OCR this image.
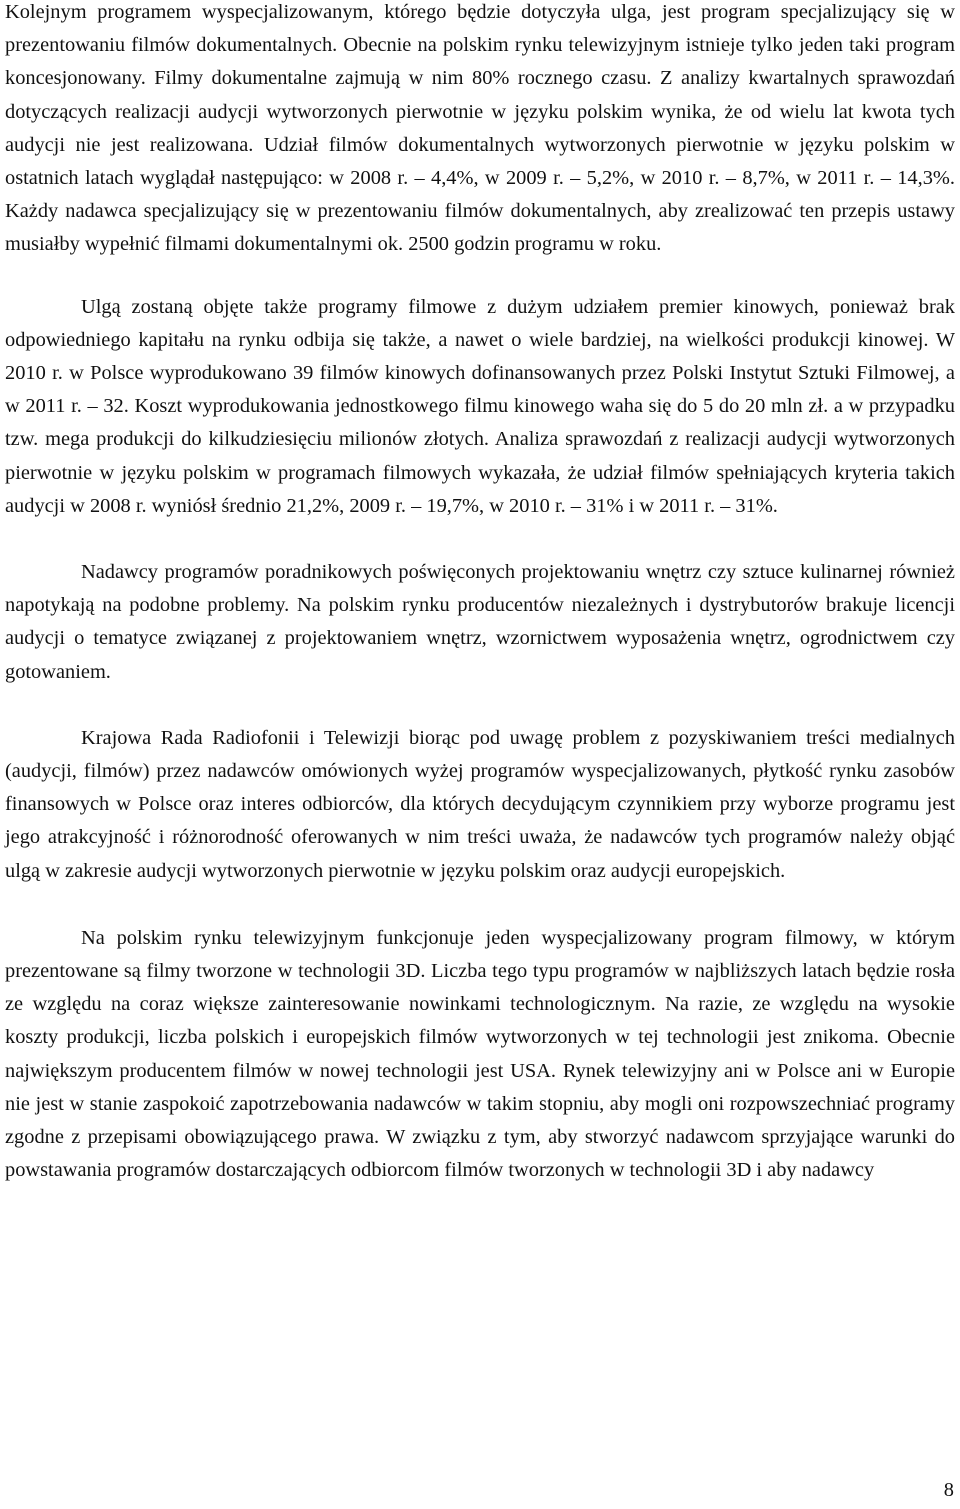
Kolejnym programem wyspecjalizowanym, którego będzie dotyczyła ulga, jest program specjalizujący się w prezentowaniu filmów dokumentalnych. Obecnie na polskim rynku telewizyjnym istnieje tylko jeden taki program koncesjonowany. Filmy dokumentalne zajmują w nim 80% rocznego czasu. Z analizy kwartalnych sprawozdań dotyczących realizacji audycji wytworzonych pierwotnie w języku polskim wynika, że od wielu lat kwota tych audycji nie jest realizowana. Udział filmów dokumentalnych wytworzonych pierwotnie w języku polskim w ostatnich latach wyglądał następująco: w 2008 r. – 4,4%, w 2009 r. – 5,2%, w 2010 r. – 8,7%, w 2011 r. – 14,3%. Każdy nadawca specjalizujący się w prezentowaniu filmów dokumentalnych, aby zrealizować ten przepis ustawy musiałby wypełnić filmami dokumentalnymi ok. 2500 godzin programu w roku.

Ulgą zostaną objęte także programy filmowe z dużym udziałem premier kinowych, ponieważ brak odpowiedniego kapitału na rynku odbija się także, a nawet o wiele bardziej, na wielkości produkcji kinowej. W 2010 r. w Polsce wyprodukowano 39 filmów kinowych dofinansowanych przez Polski Instytut Sztuki Filmowej, a w 2011 r. – 32. Koszt wyprodukowania jednostkowego filmu kinowego waha się do 5 do 20 mln zł. a w przypadku tzw. mega produkcji do kilkudziesięciu milionów złotych. Analiza sprawozdań z realizacji audycji wytworzonych pierwotnie w języku polskim w programach filmowych wykazała, że udział filmów spełniających kryteria takich audycji w 2008 r. wyniósł średnio 21,2%, 2009 r. – 19,7%, w 2010 r. – 31% i w 2011 r. – 31%.

Nadawcy programów poradnikowych poświęconych projektowaniu wnętrz czy sztuce kulinarnej również napotykają na podobne problemy. Na polskim rynku producentów niezależnych i dystrybutorów brakuje licencji audycji o tematyce związanej z projektowaniem wnętrz, wzornictwem wyposażenia wnętrz, ogrodnictwem czy gotowaniem.

Krajowa Rada Radiofonii i Telewizji biorąc pod uwagę problem z pozyskiwaniem treści medialnych (audycji, filmów) przez nadawców omówionych wyżej programów wyspecjalizowanych, płytkość rynku zasobów finansowych w Polsce oraz interes odbiorców, dla których decydującym czynnikiem przy wyborze programu jest jego atrakcyjność i różnorodność oferowanych w nim treści uważa, że nadawców tych programów należy objąć ulgą w zakresie audycji wytworzonych pierwotnie w języku polskim oraz audycji europejskich.

Na polskim rynku telewizyjnym funkcjonuje jeden wyspecjalizowany program filmowy, w którym prezentowane są filmy tworzone w technologii 3D. Liczba tego typu programów w najbliższych latach będzie rosła ze względu na coraz większe zainteresowanie nowinkami technologicznym. Na razie, ze względu na wysokie koszty produkcji, liczba polskich i europejskich filmów wytworzonych w tej technologii jest znikoma. Obecnie największym producentem filmów w nowej technologii jest USA. Rynek telewizyjny ani w Polsce ani w Europie nie jest w stanie zaspokoić zapotrzebowania nadawców w takim stopniu, aby mogli oni rozpowszechniać programy zgodne z przepisami obowiązującego prawa. W związku z tym, aby stworzyć nadawcom sprzyjające warunki do powstawania programów dostarczających odbiorcom filmów tworzonych w technologii 3D i aby nadawcy

8
